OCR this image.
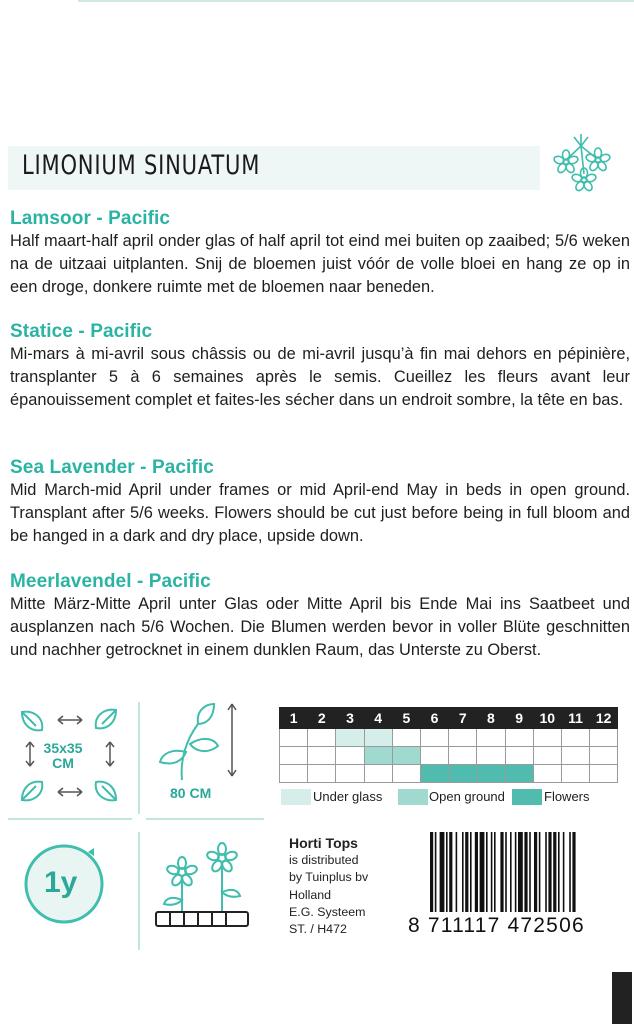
LIMONIUM SINUATUM
Lamsoor - Pacific

Half maart-half april onder glas of half april tot eind mei buiten op zaaibed; 5/6 weken na de uitzaai uitplanten. Snij de bloemen juist vóór de volle bloei en hang ze op in een droge, donkere ruimte met de bloemen naar beneden.

Statice - Pacific

Mi-mars à mi-avril sous châssis ou de mi-avril jusqu’à fin mai dehors en pépinière, transplanter 5 à 6 semaines après le semis. Cueillez les fleurs avant leur épanouissement complet et faites-les sécher dans un endroit sombre, la tête en bas.

Sea Lavender - Pacific

Mid March-mid April under frames or mid April-end May in beds in open ground. Transplant after 5/6 weeks. Flowers should be cut just before being in full bloom and be hanged in a dark and dry place, upside down.

Meerlavendel - Pacific

Mitte März-Mitte April unter Glas oder Mitte April bis Ende Mai ins Saatbeet und ausplanzen nach 5/6 Wochen. Die Blumen werden bevor in voller Blüte geschnitten und nachher getrocknet in einem dunklen Raum, das Unterste zu Oberst.

35x35
CM
80 CM
1y
1	2	3	4	5	6	7	8	9	10	11	12

Under glass	Open ground	Flowers
Horti Tops
is distributed
by Tuinplus bv
Holland
E.G. Systeem
ST. / H472	8 711117 472506
